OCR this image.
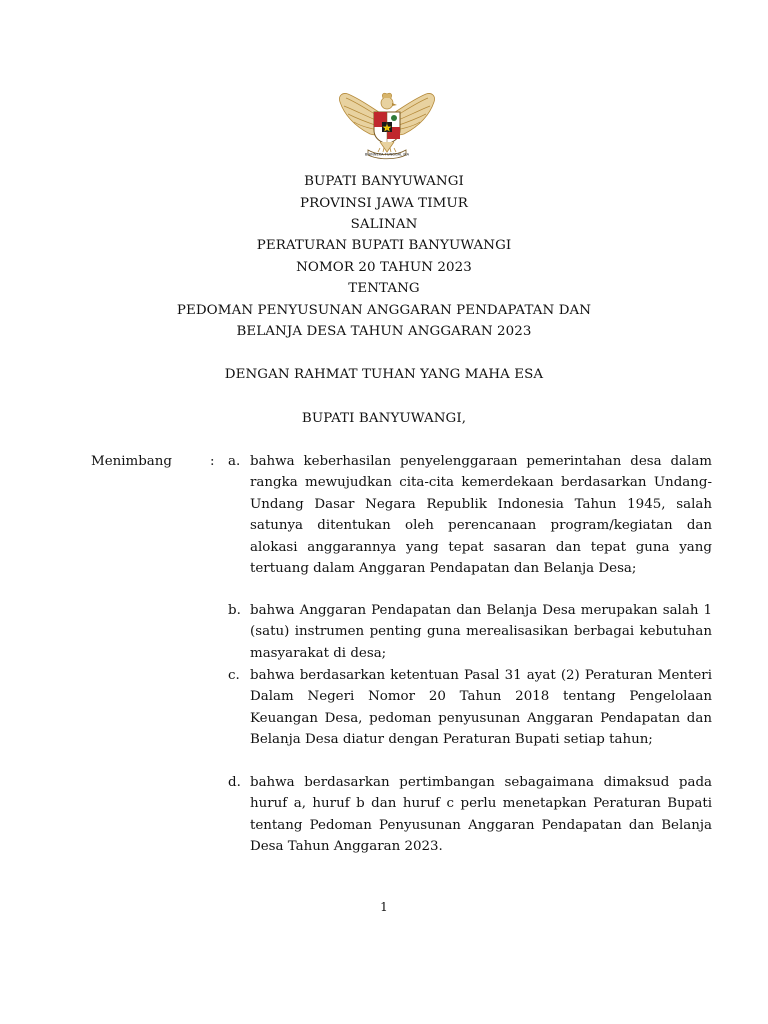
BHINNEKA TUNGGAL IKA
BUPATI BANYUWANGI
PROVINSI JAWA TIMUR
SALINAN
PERATURAN BUPATI BANYUWANGI
NOMOR 20 TAHUN 2023
TENTANG
PEDOMAN PENYUSUNAN ANGGARAN PENDAPATAN DAN
BELANJA DESA TAHUN ANGGARAN 2023
DENGAN RAHMAT TUHAN YANG MAHA ESA
BUPATI BANYUWANGI,
Menimbang	: a. bahwa keberhasilan penyelenggaraan pemerintahan desa dalam rangka mewujudkan cita-cita kemerdekaan berdasarkan Undang-Undang Dasar Negara Republik Indonesia Tahun 1945, salah satunya ditentukan oleh perencanaan program/kegiatan dan alokasi anggarannya yang tepat sasaran dan tepat guna yang tertuang dalam Anggaran Pendapatan dan Belanja Desa;
b. bahwa Anggaran Pendapatan dan Belanja Desa merupakan salah 1 (satu) instrumen penting guna merealisasikan berbagai kebutuhan masyarakat di desa;
c. bahwa berdasarkan ketentuan Pasal 31 ayat (2) Peraturan Menteri Dalam Negeri Nomor 20 Tahun 2018 tentang Pengelolaan Keuangan Desa, pedoman penyusunan Anggaran Pendapatan dan Belanja Desa diatur dengan Peraturan Bupati setiap tahun;
d. bahwa berdasarkan pertimbangan sebagaimana dimaksud pada huruf a, huruf b dan huruf c perlu menetapkan Peraturan Bupati tentang Pedoman Penyusunan Anggaran Pendapatan dan Belanja Desa Tahun Anggaran 2023.
1
